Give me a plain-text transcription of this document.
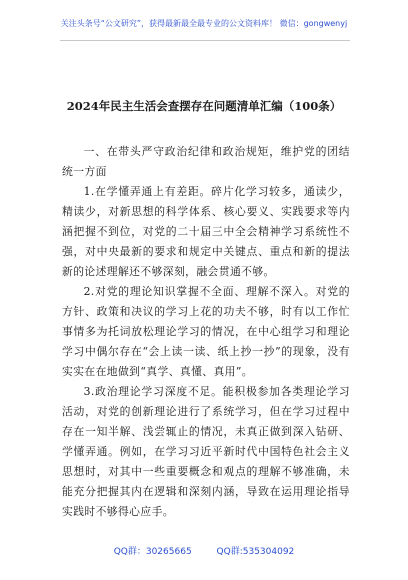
关注头条号“公文研究”，获得最新最全最专业的公文资料库！ 微信：gongwenyj
2024年民主生活会查摆存在问题清单汇编（100条）

一、在带头严守政治纪律和政治规矩，维护党的团结统一方面

1.在学懂弄通上有差距。碎片化学习较多，通读少，精读少，对新思想的科学体系、核心要义、实践要求等内涵把握不到位，对党的二十届三中全会精神学习系统性不强，对中央最新的要求和规定中关键点、重点和新的提法新的论述理解还不够深刻，融会贯通不够。

2.对党的理论知识掌握不全面、理解不深入。对党的方针、政策和决议的学习上花的功夫不够，时有以工作忙事情多为托词放松理论学习的情况，在中心组学习和理论学习中偶尔存在“会上读一读、纸上抄一抄”的现象，没有实实在在地做到“真学、真懂、真用”。

3.政治理论学习深度不足。能积极参加各类理论学习活动，对党的创新理论进行了系统学习，但在学习过程中存在一知半解、浅尝辄止的情况，未真正做到深入钻研、学懂弄通。例如，在学习习近平新时代中国特色社会主义思想时，对其中一些重要概念和观点的理解不够准确，未能充分把握其内在逻辑和深刻内涵，导致在运用理论指导实践时不够得心应手。

QQ群：30265665	QQ群:535304092
